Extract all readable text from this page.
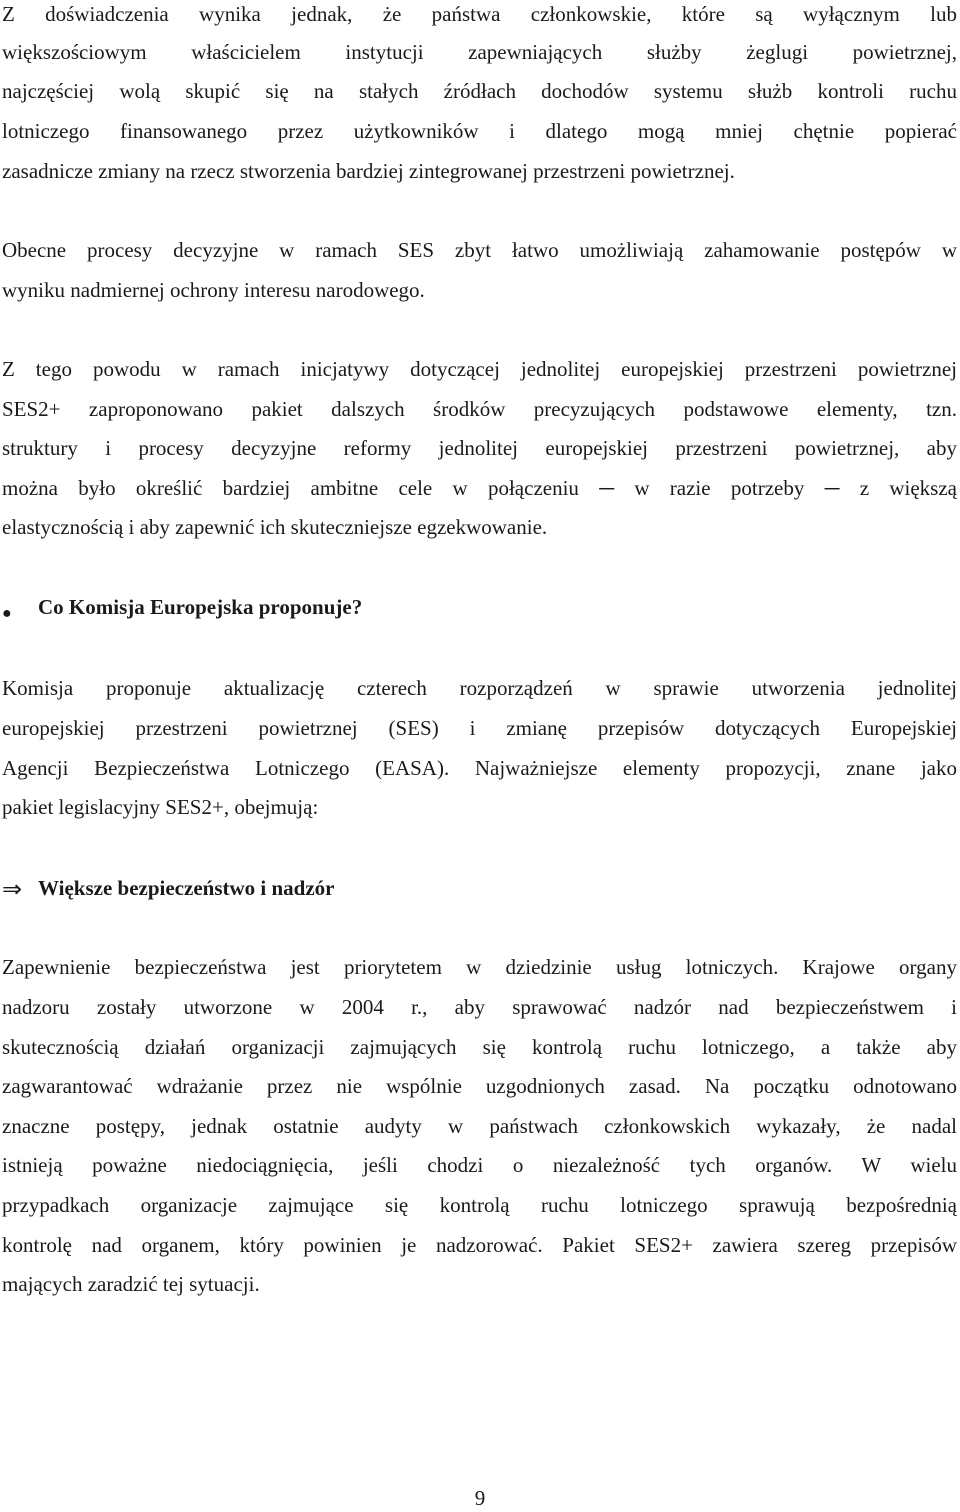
Z doświadczenia wynika jednak, że państwa członkowskie, które są wyłącznym lub
większościowym właścicielem instytucji zapewniających służby żeglugi powietrznej,
najczęściej wolą skupić się na stałych źródłach dochodów systemu służb kontroli ruchu
lotniczego finansowanego przez użytkowników i dlatego mogą mniej chętnie popierać
zasadnicze zmiany na rzecz stworzenia bardziej zintegrowanej przestrzeni powietrznej.
Obecne procesy decyzyjne w ramach SES zbyt łatwo umożliwiają zahamowanie postępów w
wyniku nadmiernej ochrony interesu narodowego.
Z tego powodu w ramach inicjatywy dotyczącej jednolitej europejskiej przestrzeni powietrznej
SES2+ zaproponowano pakiet dalszych środków precyzujących podstawowe elementy, tzn.
struktury i procesy decyzyjne reformy jednolitej europejskiej przestrzeni powietrznej, aby
można było określić bardziej ambitne cele w połączeniu ─ w razie potrzeby ─ z większą
elastycznością i aby zapewnić ich skuteczniejsze egzekwowanie.
●	Co Komisja Europejska proponuje?
Komisja proponuje aktualizację czterech rozporządzeń w sprawie utworzenia jednolitej
europejskiej przestrzeni powietrznej (SES) i zmianę przepisów dotyczących Europejskiej
Agencji Bezpieczeństwa Lotniczego (EASA). Najważniejsze elementy propozycji, znane jako
pakiet legislacyjny SES2+, obejmują:
⇒ Większe bezpieczeństwo i nadzór
Zapewnienie bezpieczeństwa jest priorytetem w dziedzinie usług lotniczych. Krajowe organy
nadzoru zostały utworzone w 2004 r., aby sprawować nadzór nad bezpieczeństwem i
skutecznością działań organizacji zajmujących się kontrolą ruchu lotniczego, a także aby
zagwarantować wdrażanie przez nie wspólnie uzgodnionych zasad. Na początku odnotowano
znaczne postępy, jednak ostatnie audyty w państwach członkowskich wykazały, że nadal
istnieją poważne niedociągnięcia, jeśli chodzi o niezależność tych organów. W wielu
przypadkach organizacje zajmujące się kontrolą ruchu lotniczego sprawują bezpośrednią
kontrolę nad organem, który powinien je nadzorować. Pakiet SES2+ zawiera szereg przepisów
mających zaradzić tej sytuacji.
9
